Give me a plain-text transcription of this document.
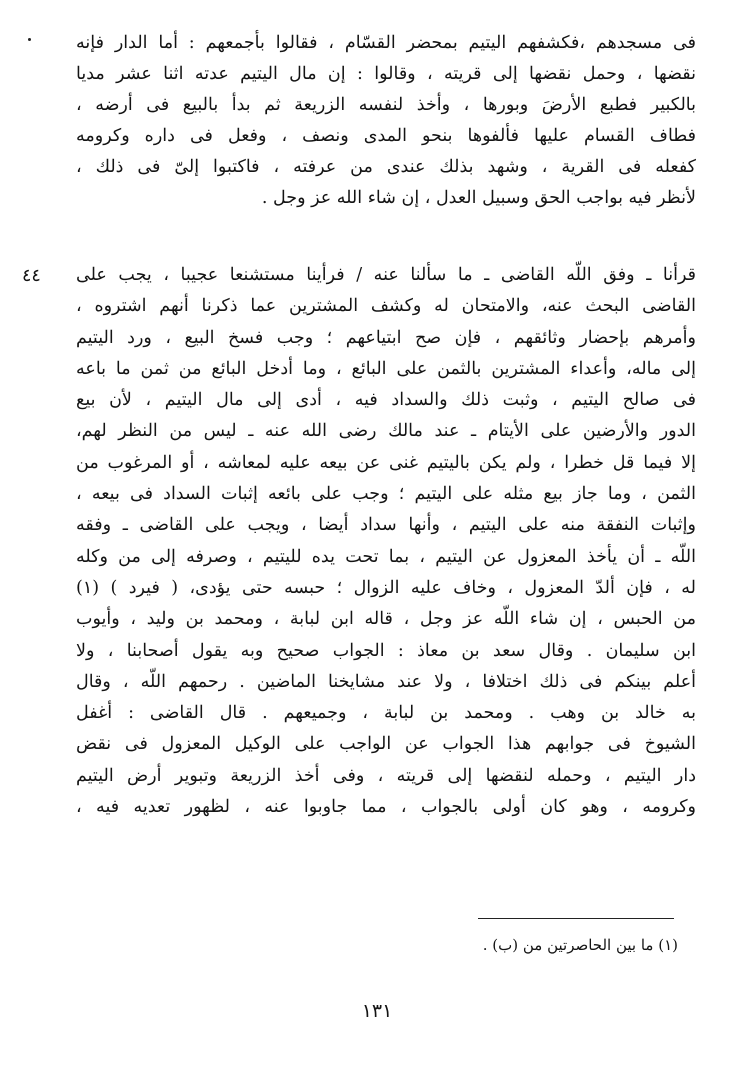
فى مسجدهم ،فكشفهم اليتيم بمحضر القسّام ، فقالوا بأجمعهم : أما الدار فإنه
نقضها ، وحمل نقضها إلى قريته ، وقالوا : إن مال اليتيم عدته اثنا عشر مديا
بالكبير فطبع الأرضَ وبورها ، وأخذ لنفسه الزريعة ثم بدأ بالبيع فى أرضه ،
فطاف القسام عليها فألفوها بنحو المدى ونصف ، وفعل فى داره وكرومه
كفعله فى القرية ، وشهد بذلك عندى من عرفته ، فاكتبوا إلىّ فى ذلك ،
لأنظر فيه بواجب الحق وسبيل العدل ، إن شاء الله عز وجل .
٤٤ قرأنا ـ وفق اللّه القاضى ـ ما سألنا عنه / فرأينا مستشنعا عجيبا ، يجب على
القاضى البحث عنه، والامتحان له وكشف المشترين عما ذكرنا أنهم اشتروه ،
وأمرهم بإحضار وثائقهم ، فإن صح ابتياعهم ؛ وجب فسخ البيع ، ورد اليتيم
إلى ماله، وأعداء المشترين بالثمن على البائع ، وما أدخل البائع من ثمن ما باعه
فى صالح اليتيم ، وثبت ذلك والسداد فيه ، أدى إلى مال اليتيم ، لأن بيع
الدور والأرضين على الأيتام ـ عند مالك رضى الله عنه ـ ليس من النظر لهم،
إلا فيما قل خطرا ، ولم يكن باليتيم غنى عن بيعه عليه لمعاشه ، أو المرغوب من
الثمن ، وما جاز بيع مثله على اليتيم ؛ وجب على بائعه إثبات السداد فى بيعه ،
وإثبات النفقة منه على اليتيم ، وأنها سداد أيضا ، ويجب على القاضى ـ وفقه
اللّه ـ أن يأخذ المعزول عن اليتيم ، بما تحت يده لليتيم ، وصرفه إلى من وكله
له ، فإن ألدّ المعزول ، وخاف عليه الزوال ؛ حبسه حتى يؤدى، ( فيرد ) (١)
من الحبس ، إن شاء اللّه عز وجل ، قاله ابن لبابة ، ومحمد بن وليد ، وأيوب
ابن سليمان . وقال سعد بن معاذ : الجواب صحيح وبه يقول أصحابنا ، ولا
أعلم بينكم فى ذلك اختلافا ، ولا عند مشايخنا الماضين . رحمهم اللّه ، وقال
به خالد بن وهب . ومحمد بن لبابة ، وجميعهم . قال القاضى : أغفل
الشيوخ فى جوابهم هذا الجواب عن الواجب على الوكيل المعزول فى نقض
دار اليتيم ، وحمله لنقضها إلى قريته ، وفى أخذ الزريعة وتبوير أرض اليتيم
وكرومه ، وهو كان أولى بالجواب ، مما جاوبوا عنه ، لظهور تعديه فيه ،
(١) ما بين الحاصرتين من (ب) .
١٣١
